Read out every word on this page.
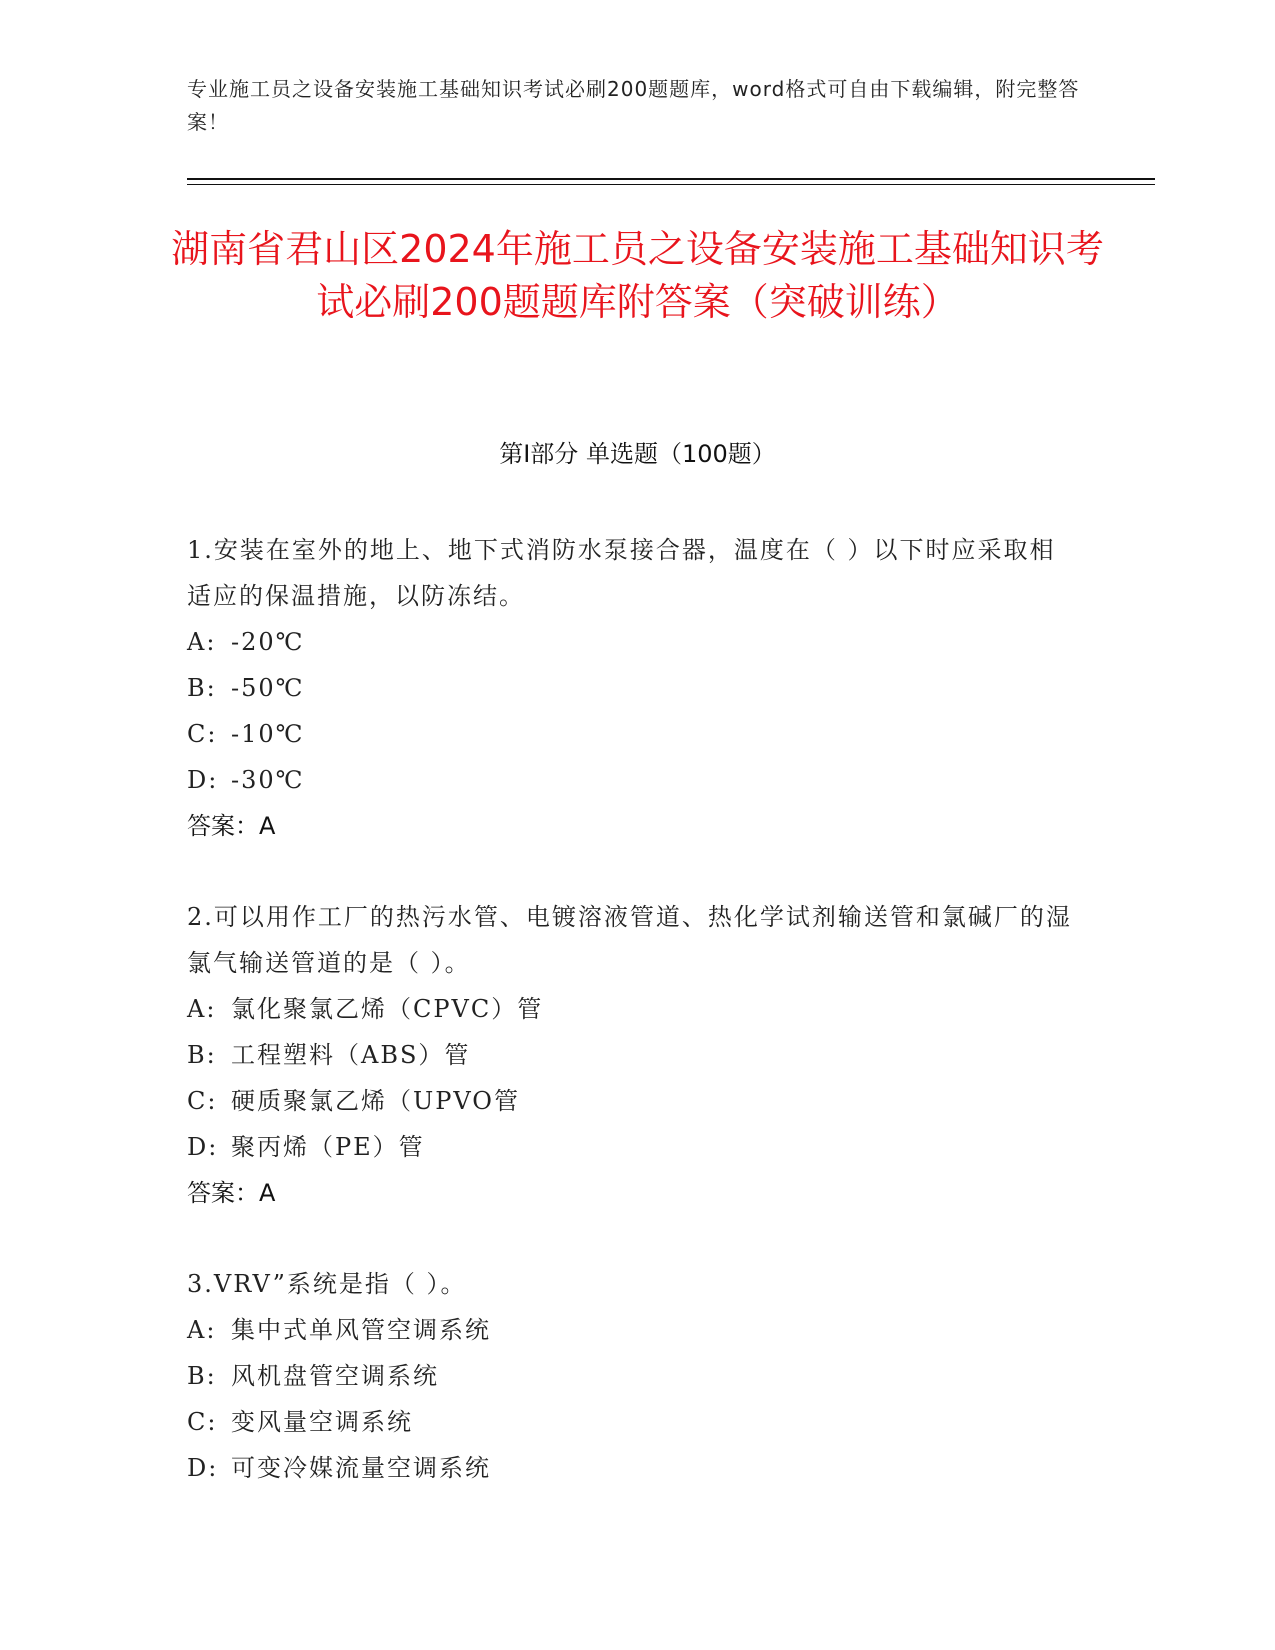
专业施工员之设备安装施工基础知识考试必刷200题题库，word格式可自由下载编辑，附完整答案！
湖南省君山区2024年施工员之设备安装施工基础知识考试必刷200题题库附答案（突破训练）
第Ⅰ部分 单选题（100题）
1.安装在室外的地上、地下式消防水泵接合器，温度在（ ）以下时应采取相适应的保温措施，以防冻结。
A: -20℃
B: -50℃
C: -10℃
D: -30℃
答案：A
2.可以用作工厂的热污水管、电镀溶液管道、热化学试剂输送管和氯碱厂的湿氯气输送管道的是（ ）。
A: 氯化聚氯乙烯（CPVC）管
B: 工程塑料（ABS）管
C: 硬质聚氯乙烯（UPVO管
D: 聚丙烯（PE）管
答案：A
3.VRV”系统是指（ ）。
A: 集中式单风管空调系统
B: 风机盘管空调系统
C: 变风量空调系统
D: 可变冷媒流量空调系统
